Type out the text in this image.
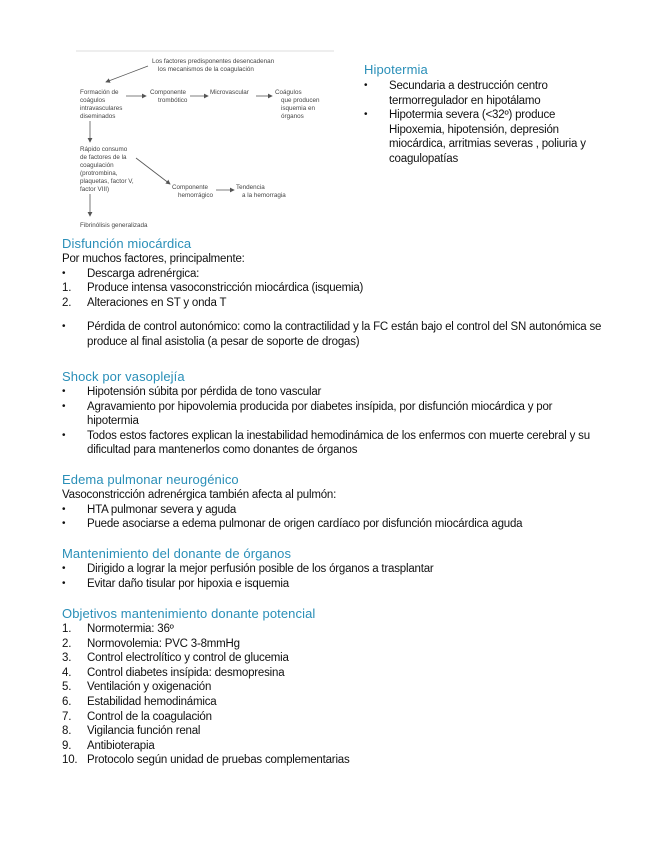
Los factores predisponentes desencadenan los mecanismos de la coagulación
Formación de coágulos intravasculares diseminados
Componente trombótico
Microvascular	Coágulos que producen isquemia en órganos
Rápido consumo de factores de la coagulación (protrombina, plaquetas, factor V, factor VIII)	Componente hemorrágico
Tendencia a la hemorragia
Fibrinólisis generalizada
Hipotermia
•	Secundaria a destrucción centro termorregulador en hipotálamo
•	Hipotermia severa (<32º) produce Hipoxemia, hipotensión, depresión miocárdica, arritmias severas , poliuria y coagulopatías
Disfunción miocárdica
Por muchos factores, principalmente:
•	Descarga adrenérgica:
1.	Produce intensa vasoconstricción miocárdica (isquemia)
2.	Alteraciones en ST y onda T
•	Pérdida de control autonómico: como la contractilidad y la FC están bajo el control del SN autonómica se produce al final asistolia (a pesar de soporte de drogas)
Shock por vasoplejía
•	Hipotensión súbita por pérdida de tono vascular
•	Agravamiento por hipovolemia producida por diabetes insípida, por disfunción miocárdica y por hipotermia
•	Todos estos factores explican la inestabilidad hemodinámica de los enfermos con muerte cerebral y su dificultad para mantenerlos como donantes de órganos
Edema pulmonar neurogénico
Vasoconstricción adrenérgica también afecta al pulmón:
•	HTA pulmonar severa y aguda
•	Puede asociarse a edema pulmonar de origen cardíaco por disfunción miocárdica aguda
Mantenimiento del donante de órganos
•	Dirigido a lograr la mejor perfusión posible de los órganos a trasplantar
•	Evitar daño tisular por hipoxia e isquemia
Objetivos mantenimiento donante potencial
1.	Normotermia: 36º
2.	Normovolemia: PVC 3-8mmHg
3.	Control electrolítico y control de glucemia
4.	Control diabetes insípida: desmopresina
5.	Ventilación y oxigenación
6.	Estabilidad hemodinámica
7.	Control de la coagulación
8.	Vigilancia función renal
9.	Antibioterapia
10. Protocolo según unidad de pruebas complementarias
